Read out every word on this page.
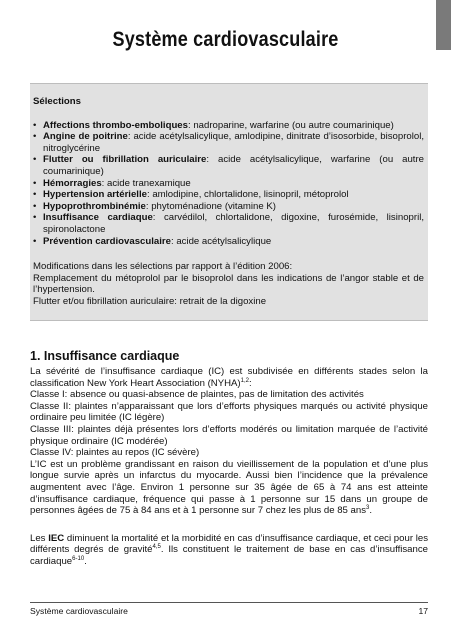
Système cardiovasculaire
Sélections
• Affections thrombo-emboliques: nadroparine, warfarine (ou autre coumarinique)
• Angine de poitrine: acide acétylsalicylique, amlodipine, dinitrate d’isosorbide, bisoprolol, nitroglycérine
• Flutter ou fibrillation auriculaire: acide acétylsalicylique, warfarine (ou autre coumarinique)
• Hémorragies: acide tranexamique
• Hypertension artérielle: amlodipine, chlortalidone, lisinopril, métoprolol
• Hypoprothrombinémie: phytoménadione (vitamine K)
• Insuffisance cardiaque: carvédilol, chlortalidone, digoxine, furosémide, lisinopril, spironolactone
• Prévention cardiovasculaire: acide acétylsalicylique
Modifications dans les sélections par rapport à l’édition 2006:
Remplacement du métoprolol par le bisoprolol dans les indications de l’angor stable et de l’hypertension.
Flutter et/ou fibrillation auriculaire: retrait de la digoxine
1. Insuffisance cardiaque

La sévérité de l’insuffisance cardiaque (IC) est subdivisée en différents stades selon la classification New York Heart Association (NYHA)$^{1,2}$:

Classe I: absence ou quasi-absence de plaintes, pas de limitation des activités

Classe II: plaintes n’apparaissant que lors d’efforts physiques marqués ou activité physique ordinaire peu limitée (IC légère)

Classe III: plaintes déjà présentes lors d’efforts modérés ou limitation marquée de l’activité physique ordinaire (IC modérée)

Classe IV: plaintes au repos (IC sévère)

L’IC est un problème grandissant en raison du vieillissement de la population et d’une plus longue survie après un infarctus du myocarde. Aussi bien l’incidence que la prévalence augmentent avec l’âge. Environ 1 personne sur 35 âgée de 65 à 74 ans est atteinte d’insuffisance cardiaque, fréquence qui passe à 1 personne sur 15 dans un groupe de personnes âgées de 75 à 84 ans et à 1 personne sur 7 chez les plus de 85 ans$^3$.

Les IEC diminuent la mortalité et la morbidité en cas d’insuffisance cardiaque, et ceci pour les différents degrés de gravité$^{4,5}$. Ils constituent le traitement de base en cas d’insuffisance cardiaque$^{6-10}$.

Système cardiovasculaire	17
